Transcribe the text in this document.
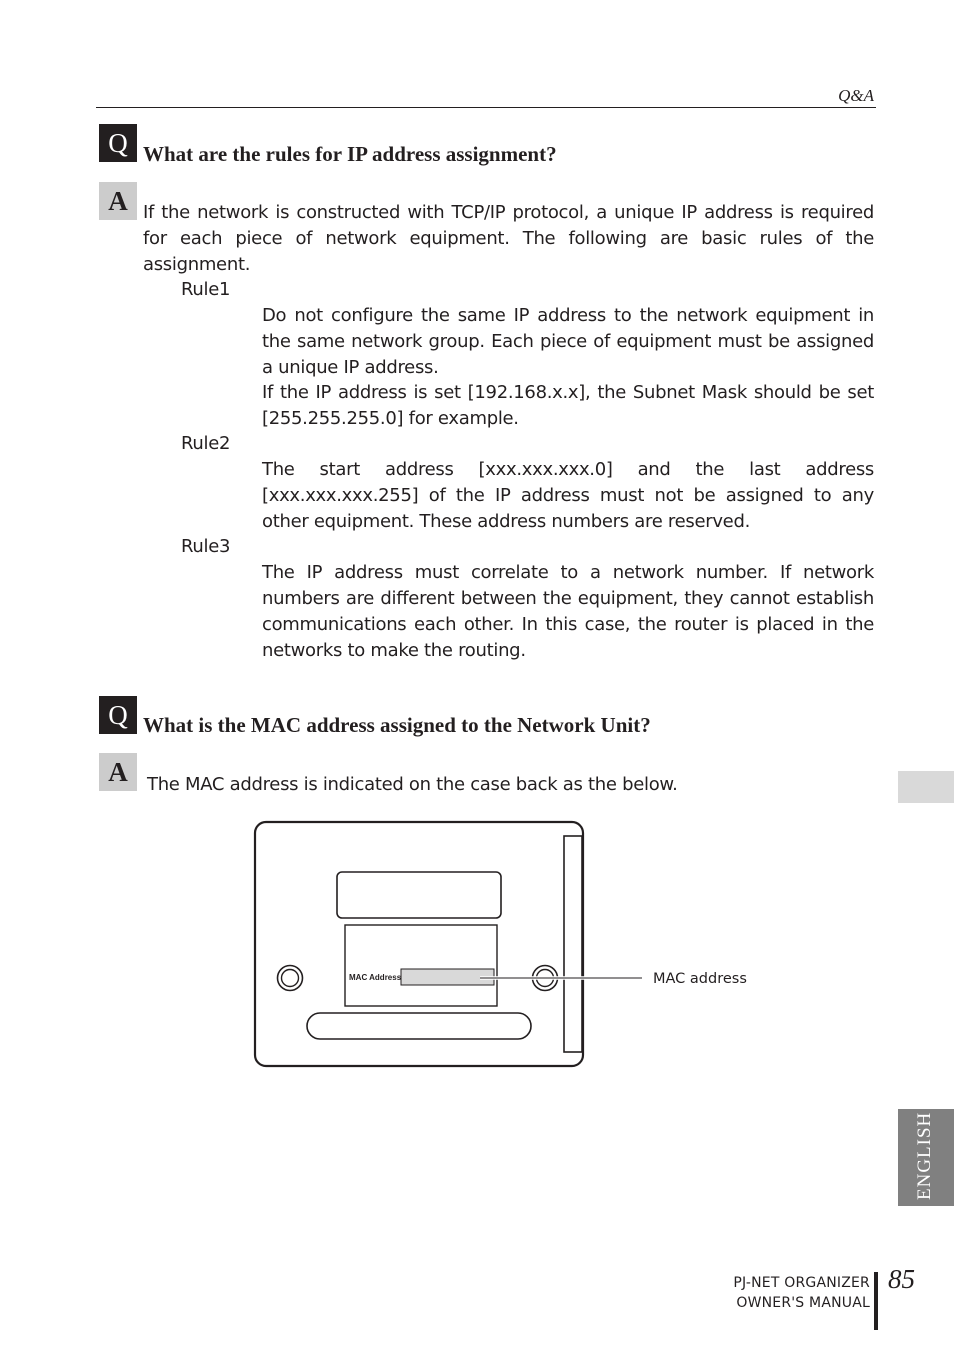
Q&A
Q What are the rules for IP address assignment?
A If the network is constructed with TCP/IP protocol, a unique IP address is required for each piece of network equipment. The following are basic rules of the assignment.
Rule1
Do not configure the same IP address to the network equipment in the same network group. Each piece of equipment must be assigned a unique IP address.
If the IP address is set [192.168.x.x], the Subnet Mask should be set [255.255.255.0] for example.
Rule2
The start address [xxx.xxx.xxx.0] and the last address [xxx.xxx.xxx.255] of the IP address must not be assigned to any other equipment. These address numbers are reserved.
Rule3
The IP address must correlate to a network number. If network numbers are different between the equipment, they cannot establish communications each other. In this case, the router is placed in the networks to make the routing.
Q What is the MAC address assigned to the Network Unit?
A	The MAC address is indicated on the case back as the below.
MAC Address	MAC address
ENGLISH
PJ-NET ORGANIZER
OWNER'S MANUAL
85
